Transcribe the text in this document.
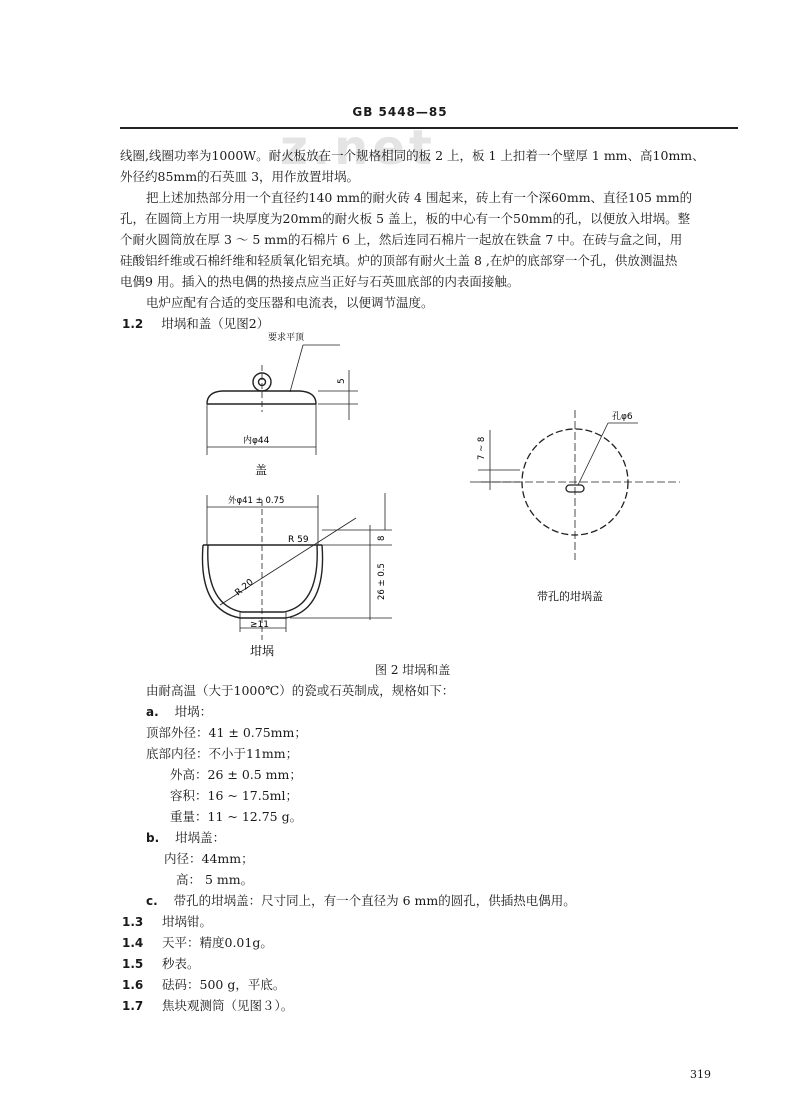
z.net
GB 5448—85
线圈,线圈功率为1000W。耐火板放在一个规格相同的板 2 上，板 1 上扣着一个壁厚 1 mm、高10mm、
外径约85mm的石英皿 3，用作放置坩埚。
把上述加热部分用一个直径约140 mm的耐火砖 4 围起来，砖上有一个深60mm、直径105 mm的
孔，在圆筒上方用一块厚度为20mm的耐火板 5 盖上，板的中心有一个50mm的孔，以便放入坩埚。整
个耐火圆筒放在厚 3 ～ 5 mm的石棉片 6 上，然后连同石棉片一起放在铁盒 7 中。在砖与盒之间，用
硅酸铝纤维或石棉纤维和轻质氧化铝充填。炉的顶部有耐火土盖 8 ,在炉的底部穿一个孔，供放测温热
电偶9 用。插入的热电偶的热接点应当正好与石英皿底部的内表面接触。
电炉应配有合适的变压器和电流表，以便调节温度。
1.2 坩埚和盖（见图2）
要求平顶
5
内φ44
盖
外φ41 ± 0.75
R 59
R 20
8
26 ± 0.5
≥11
坩埚
孔φ6
7 ~ 8
带孔的坩埚盖
图 2 坩埚和盖
由耐高温（大于1000℃）的瓷或石英制成，规格如下：
a. 坩埚：
顶部外径：41 ± 0.75mm；
底部内径：不小于11mm；
外高：26 ± 0.5 mm；
容积：16 ~ 17.5ml；
重量：11 ~ 12.75 g。
b. 坩埚盖：
内径：44mm；
高： 5 mm。
c. 带孔的坩埚盖：尺寸同上，有一个直径为 6 mm的圆孔，供插热电偶用。
1.3 坩埚钳。
1.4 天平：精度0.01g。
1.5 秒表。
1.6 砝码：500 g，平底。
1.7 焦块观测筒（见图３）。
319
